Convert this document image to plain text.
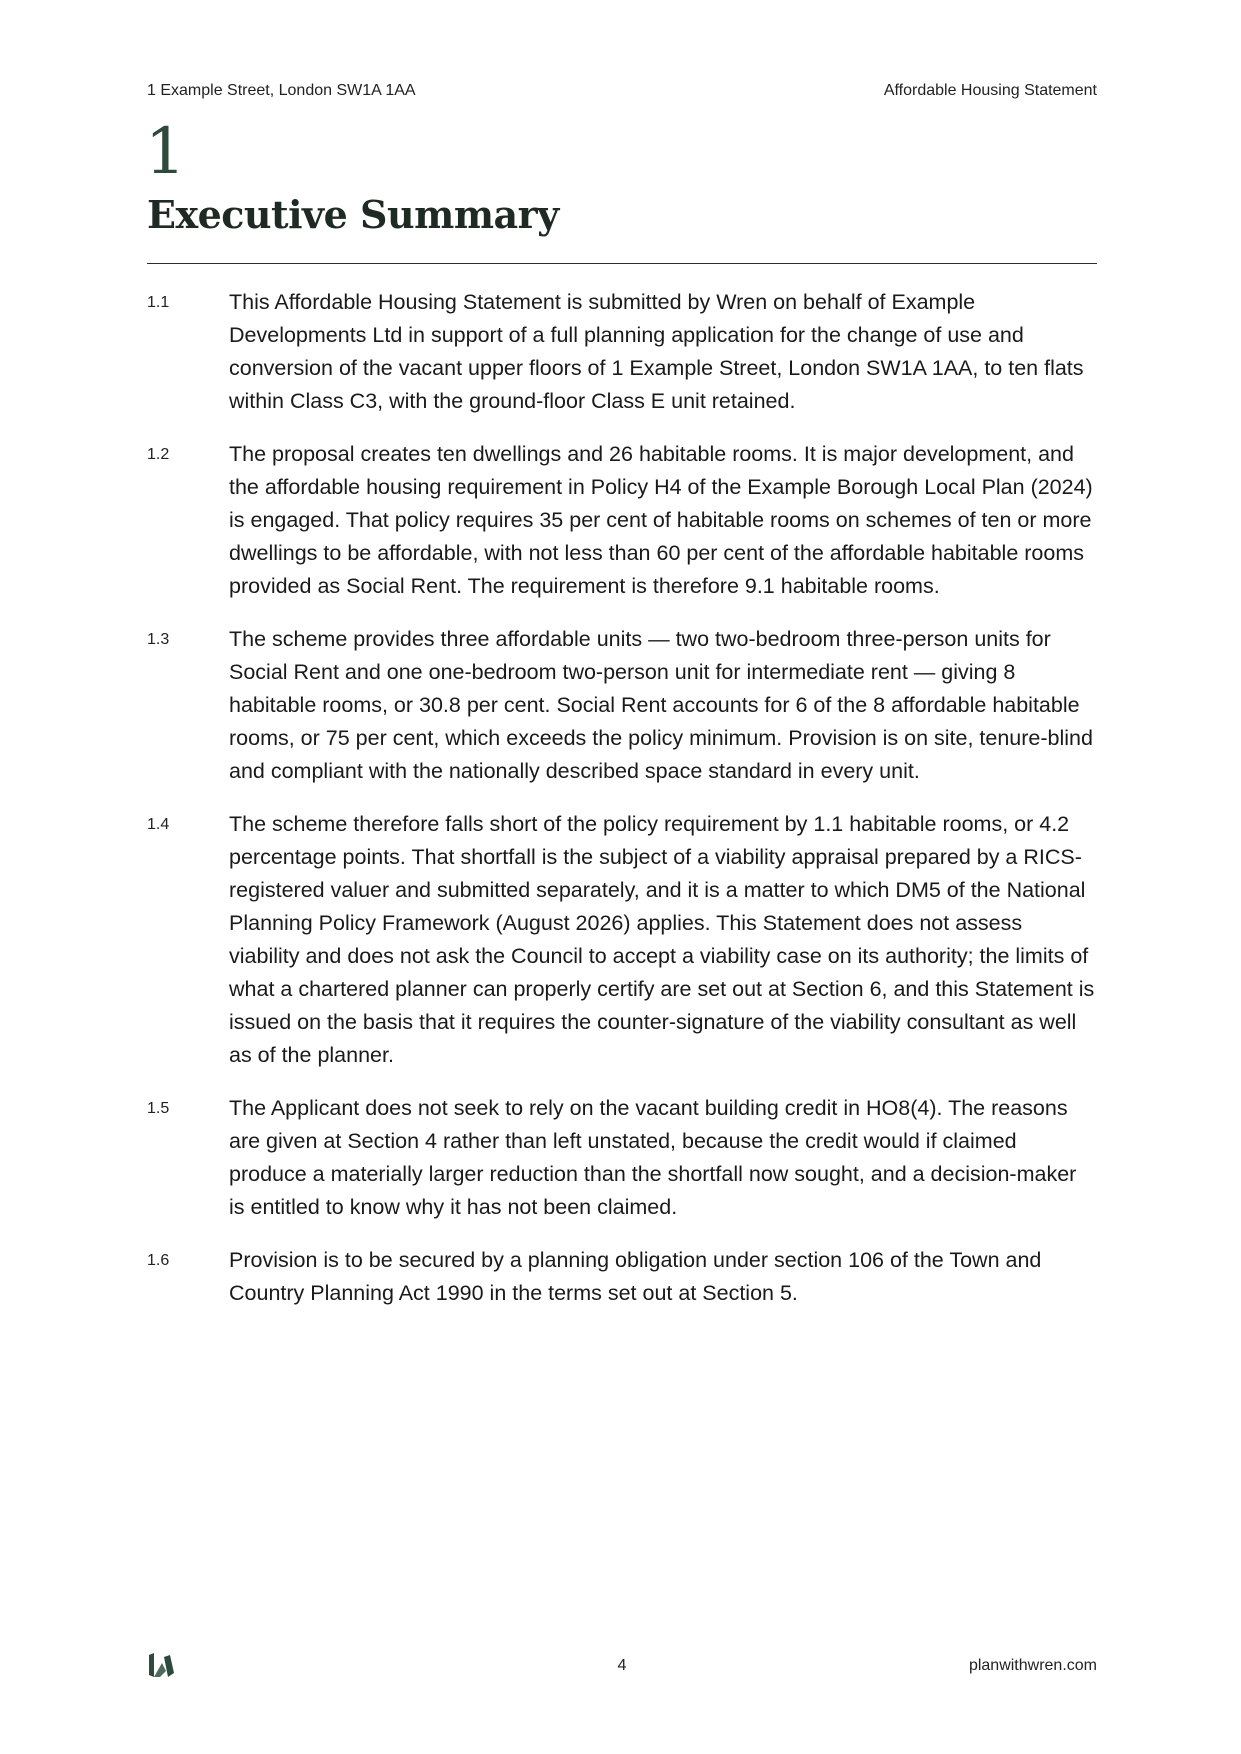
1 Example Street, London SW1A 1AA	Affordable Housing Statement
1
Executive Summary
1.1	This Affordable Housing Statement is submitted by Wren on behalf of Example Developments Ltd in support of a full planning application for the change of use and conversion of the vacant upper floors of 1 Example Street, London SW1A 1AA, to ten flats within Class C3, with the ground-floor Class E unit retained.
1.2	The proposal creates ten dwellings and 26 habitable rooms. It is major development, and the affordable housing requirement in Policy H4 of the Example Borough Local Plan (2024) is engaged. That policy requires 35 per cent of habitable rooms on schemes of ten or more dwellings to be affordable, with not less than 60 per cent of the affordable habitable rooms provided as Social Rent. The requirement is therefore 9.1 habitable rooms.
1.3	The scheme provides three affordable units — two two-bedroom three-person units for Social Rent and one one-bedroom two-person unit for intermediate rent — giving 8 habitable rooms, or 30.8 per cent. Social Rent accounts for 6 of the 8 affordable habitable rooms, or 75 per cent, which exceeds the policy minimum. Provision is on site, tenure-blind and compliant with the nationally described space standard in every unit.
1.4	The scheme therefore falls short of the policy requirement by 1.1 habitable rooms, or 4.2 percentage points. That shortfall is the subject of a viability appraisal prepared by a RICS-registered valuer and submitted separately, and it is a matter to which DM5 of the National Planning Policy Framework (August 2026) applies. This Statement does not assess viability and does not ask the Council to accept a viability case on its authority; the limits of what a chartered planner can properly certify are set out at Section 6, and this Statement is issued on the basis that it requires the counter-signature of the viability consultant as well as of the planner.
1.5	The Applicant does not seek to rely on the vacant building credit in HO8(4). The reasons are given at Section 4 rather than left unstated, because the credit would if claimed produce a materially larger reduction than the shortfall now sought, and a decision-maker is entitled to know why it has not been claimed.
1.6	Provision is to be secured by a planning obligation under section 106 of the Town and Country Planning Act 1990 in the terms set out at Section 5.
4	planwithwren.com
